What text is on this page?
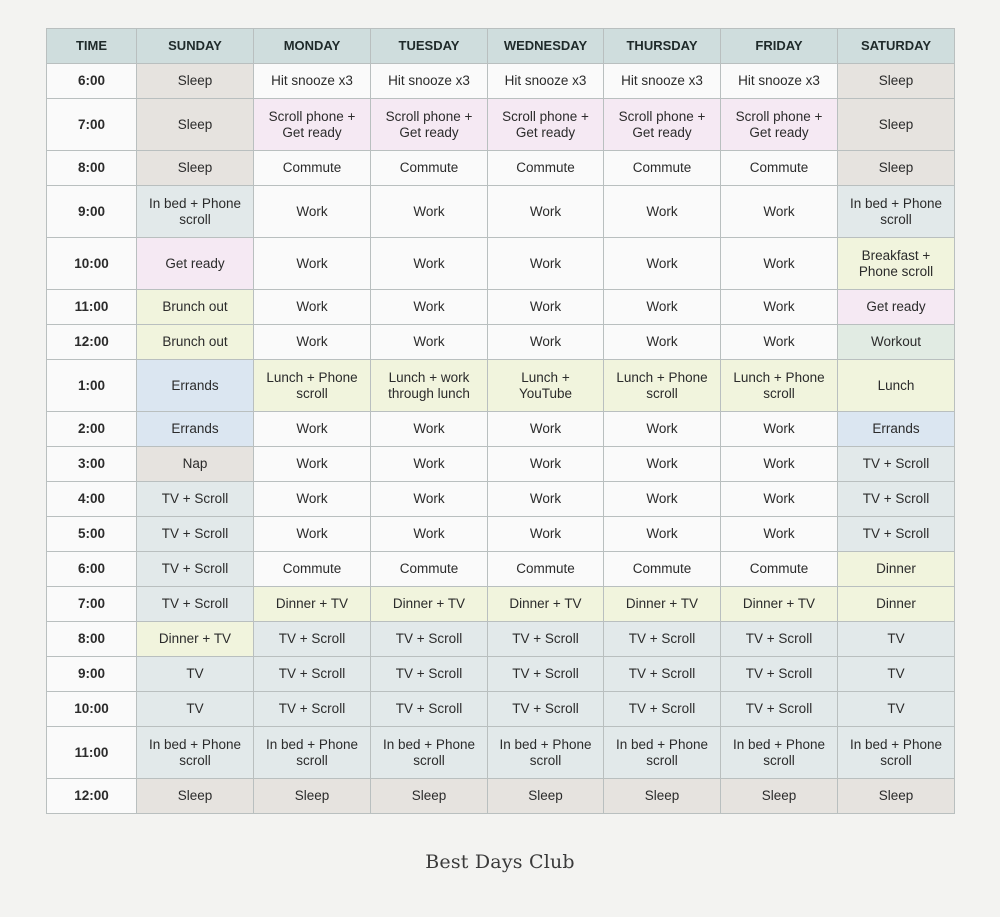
TIME	SUNDAY	MONDAY	TUESDAY	WEDNESDAY	THURSDAY	FRIDAY	SATURDAY
6:00	Sleep	Hit snooze x3	Hit snooze x3	Hit snooze x3	Hit snooze x3	Hit snooze x3	Sleep
7:00	Sleep	Scroll phone + Get ready	Scroll phone + Get ready	Scroll phone + Get ready	Scroll phone + Get ready	Scroll phone + Get ready	Sleep
8:00	Sleep	Commute	Commute	Commute	Commute	Commute	Sleep
9:00	In bed + Phone scroll	Work	Work	Work	Work	Work	In bed + Phone scroll
10:00	Get ready	Work	Work	Work	Work	Work	Breakfast + Phone scroll
11:00	Brunch out	Work	Work	Work	Work	Work	Get ready
12:00	Brunch out	Work	Work	Work	Work	Work	Workout
1:00	Errands	Lunch + Phone scroll	Lunch + work through lunch	Lunch + YouTube	Lunch + Phone scroll	Lunch + Phone scroll	Lunch
2:00	Errands	Work	Work	Work	Work	Work	Errands
3:00	Nap	Work	Work	Work	Work	Work	TV + Scroll
4:00	TV + Scroll	Work	Work	Work	Work	Work	TV + Scroll
5:00	TV + Scroll	Work	Work	Work	Work	Work	TV + Scroll
6:00	TV + Scroll	Commute	Commute	Commute	Commute	Commute	Dinner
7:00	TV + Scroll	Dinner + TV	Dinner + TV	Dinner + TV	Dinner + TV	Dinner + TV	Dinner
8:00	Dinner + TV	TV + Scroll	TV + Scroll	TV + Scroll	TV + Scroll	TV + Scroll	TV
9:00	TV	TV + Scroll	TV + Scroll	TV + Scroll	TV + Scroll	TV + Scroll	TV
10:00	TV	TV + Scroll	TV + Scroll	TV + Scroll	TV + Scroll	TV + Scroll	TV
11:00	In bed + Phone scroll	In bed + Phone scroll	In bed + Phone scroll	In bed + Phone scroll	In bed + Phone scroll	In bed + Phone scroll	In bed + Phone scroll
12:00	Sleep	Sleep	Sleep	Sleep	Sleep	Sleep	Sleep
Best Days Club
